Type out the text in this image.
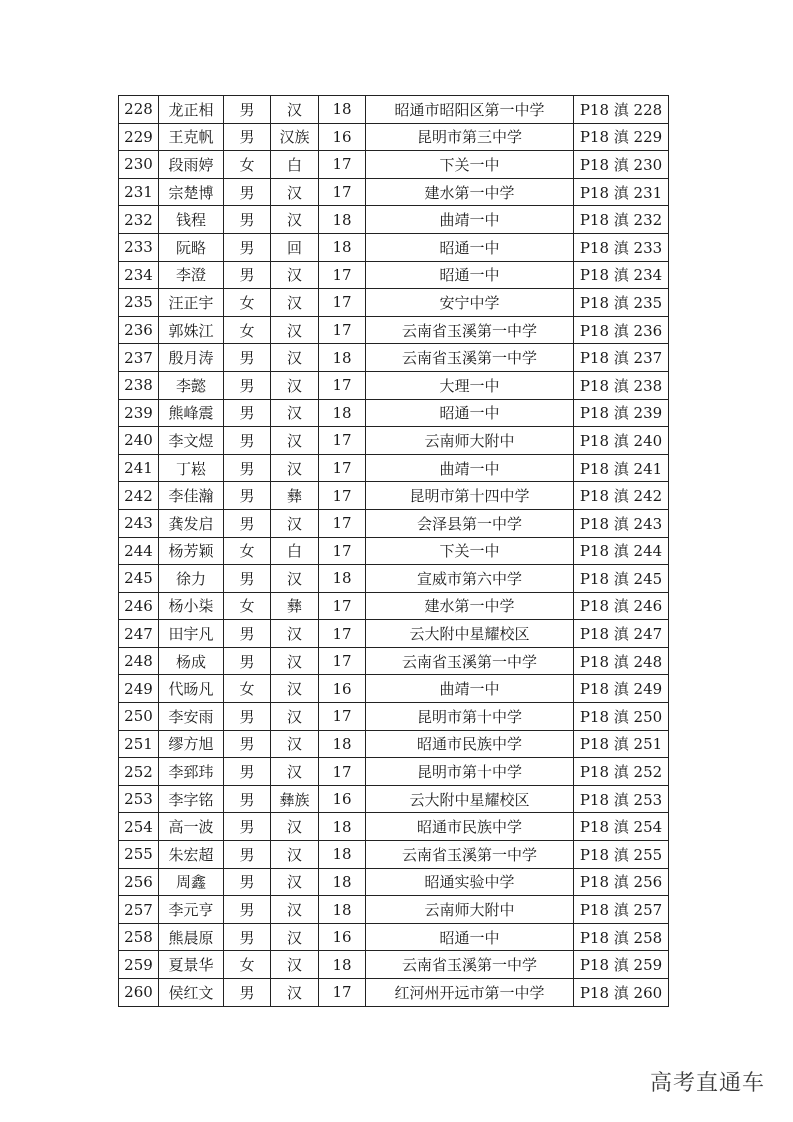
228	龙正相	男	汉	18	昭通市昭阳区第一中学	P18 滇 228
229	王克帆	男	汉族	16	昆明市第三中学	P18 滇 229
230	段雨婷	女	白	17	下关一中	P18 滇 230
231	宗楚博	男	汉	17	建水第一中学	P18 滇 231
232	钱程	男	汉	18	曲靖一中	P18 滇 232
233	阮略	男	回	18	昭通一中	P18 滇 233
234	李澄	男	汉	17	昭通一中	P18 滇 234
235	汪正宇	女	汉	17	安宁中学	P18 滇 235
236	郭姝江	女	汉	17	云南省玉溪第一中学	P18 滇 236
237	殷月涛	男	汉	18	云南省玉溪第一中学	P18 滇 237
238	李懿	男	汉	17	大理一中	P18 滇 238
239	熊峰震	男	汉	18	昭通一中	P18 滇 239
240	李文煜	男	汉	17	云南师大附中	P18 滇 240
241	丁崧	男	汉	17	曲靖一中	P18 滇 241
242	李佳瀚	男	彝	17	昆明市第十四中学	P18 滇 242
243	龚发启	男	汉	17	会泽县第一中学	P18 滇 243
244	杨芳颖	女	白	17	下关一中	P18 滇 244
245	徐力	男	汉	18	宣威市第六中学	P18 滇 245
246	杨小柒	女	彝	17	建水第一中学	P18 滇 246
247	田宇凡	男	汉	17	云大附中星耀校区	P18 滇 247
248	杨成	男	汉	17	云南省玉溪第一中学	P18 滇 248
249	代旸凡	女	汉	16	曲靖一中	P18 滇 249
250	李安雨	男	汉	17	昆明市第十中学	P18 滇 250
251	缪方旭	男	汉	18	昭通市民族中学	P18 滇 251
252	李郅玮	男	汉	17	昆明市第十中学	P18 滇 252
253	李字铭	男	彝族	16	云大附中星耀校区	P18 滇 253
254	高一波	男	汉	18	昭通市民族中学	P18 滇 254
255	朱宏超	男	汉	18	云南省玉溪第一中学	P18 滇 255
256	周鑫	男	汉	18	昭通实验中学	P18 滇 256
257	李元亨	男	汉	18	云南师大附中	P18 滇 257
258	熊晨原	男	汉	16	昭通一中	P18 滇 258
259	夏景华	女	汉	18	云南省玉溪第一中学	P18 滇 259
260	侯红文	男	汉	17	红河州开远市第一中学	P18 滇 260
高考直通车
